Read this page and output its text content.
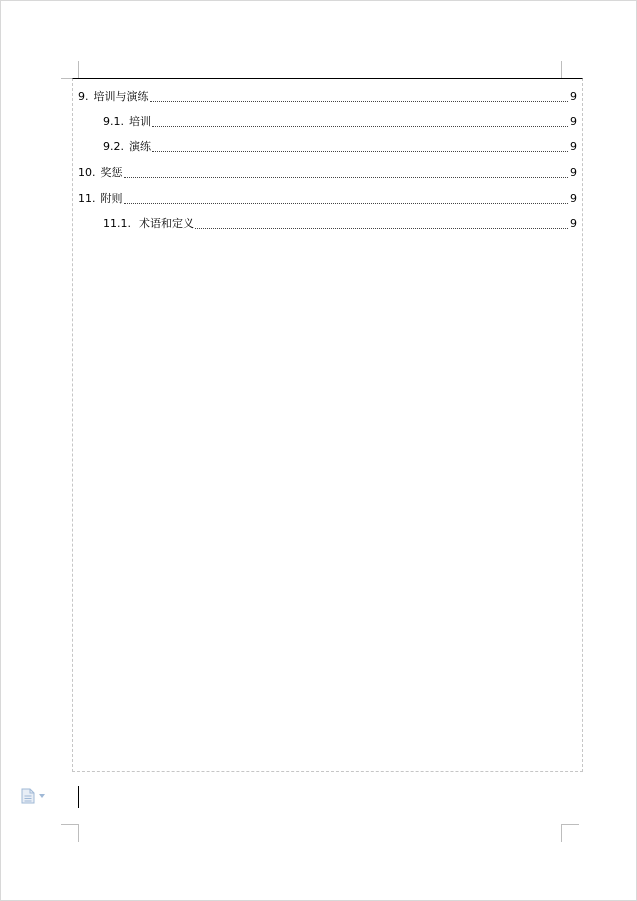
9. 培训与演练	9
9.1. 培训	9
9.2. 演练	9
10. 奖惩	9
11. 附则	9
11.1. 术语和定义	9
